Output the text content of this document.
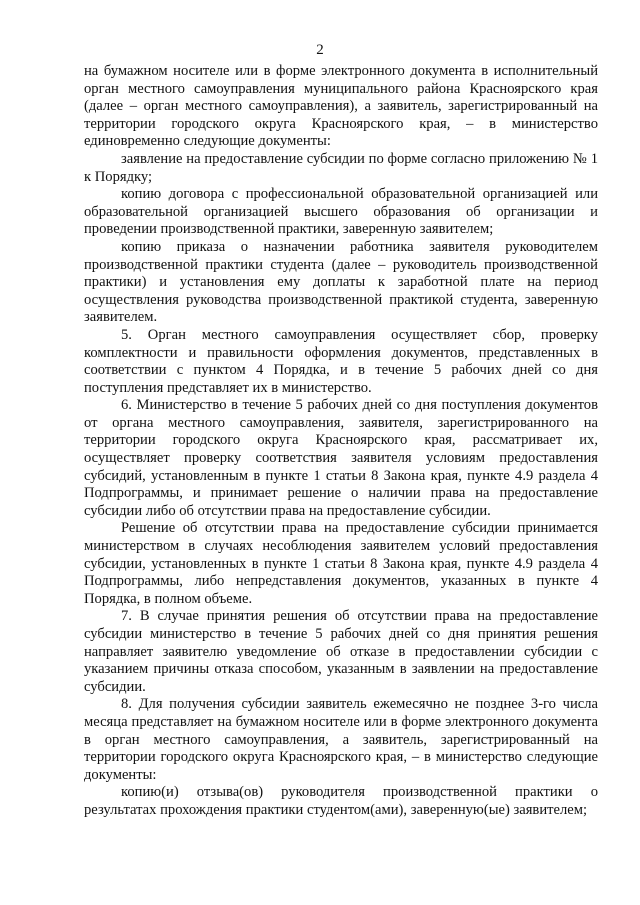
2

на бумажном носителе или в форме электронного документа в исполнительный орган местного самоуправления муниципального района Красноярского края (далее – орган местного самоуправления), а заявитель, зарегистрированный на территории городского округа Красноярского края, – в министерство единовременно следующие документы:

заявление на предоставление субсидии по форме согласно приложению № 1 к Порядку;

копию договора с профессиональной образовательной организацией или образовательной организацией высшего образования об организации и проведении производственной практики, заверенную заявителем;

копию приказа о назначении работника заявителя руководителем производственной практики студента (далее – руководитель производственной практики) и установления ему доплаты к заработной плате на период осуществления руководства производственной практикой студента, заверенную заявителем.

5. Орган местного самоуправления осуществляет сбор, проверку комплектности и правильности оформления документов, представленных в соответствии с пунктом 4 Порядка, и в течение 5 рабочих дней со дня поступления представляет их в министерство.

6. Министерство в течение 5 рабочих дней со дня поступления документов от органа местного самоуправления, заявителя, зарегистрированного на территории городского округа Красноярского края, рассматривает их, осуществляет проверку соответствия заявителя условиям предоставления субсидий, установленным в пункте 1 статьи 8 Закона края, пункте 4.9 раздела 4 Подпрограммы, и принимает решение о наличии права на предоставление субсидии либо об отсутствии права на предоставление субсидии.

Решение об отсутствии права на предоставление субсидии принимается министерством в случаях несоблюдения заявителем условий предоставления субсидии, установленных в пункте 1 статьи 8 Закона края, пункте 4.9 раздела 4 Подпрограммы, либо непредставления документов, указанных в пункте 4 Порядка, в полном объеме.

7. В случае принятия решения об отсутствии права на предоставление субсидии министерство в течение 5 рабочих дней со дня принятия решения направляет заявителю уведомление об отказе в предоставлении субсидии с указанием причины отказа способом, указанным в заявлении на предоставление субсидии.

8. Для получения субсидии заявитель ежемесячно не позднее 3-го числа месяца представляет на бумажном носителе или в форме электронного документа в орган местного самоуправления, а заявитель, зарегистрированный на территории городского округа Красноярского края, – в министерство следующие документы:

копию(и) отзыва(ов) руководителя производственной практики о результатах прохождения практики студентом(ами), заверенную(ые) заявителем;
